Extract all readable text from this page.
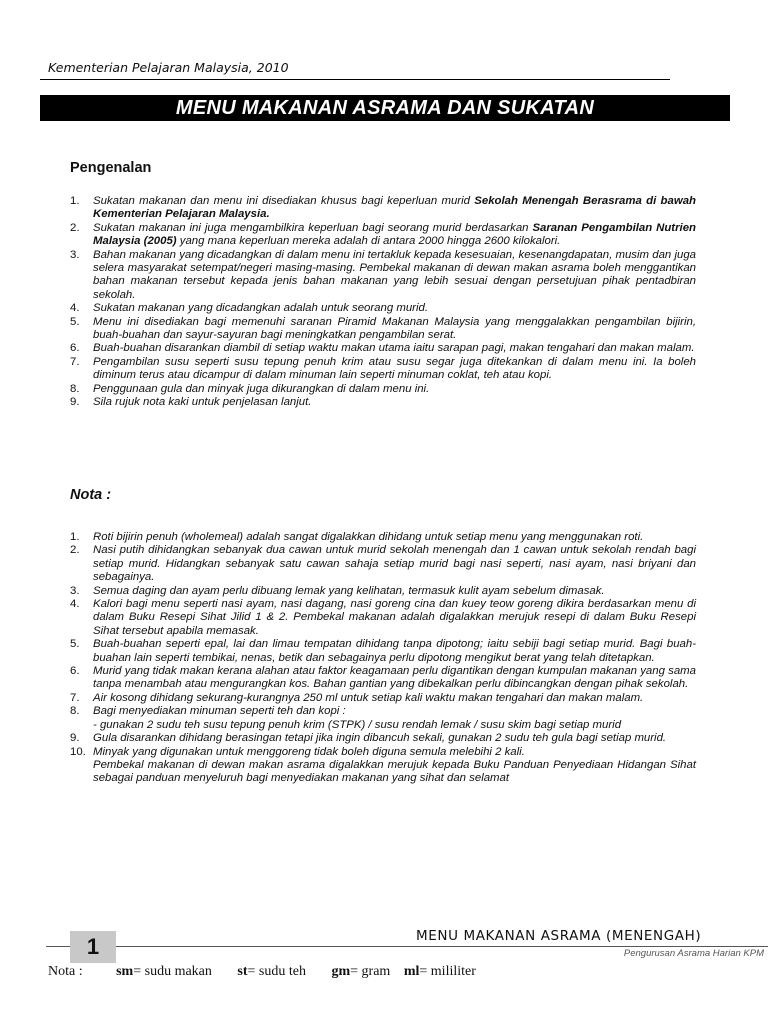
Kementerian Pelajaran Malaysia, 2010
MENU MAKANAN ASRAMA DAN SUKATAN
Pengenalan
1. Sukatan makanan dan menu ini disediakan khusus bagi keperluan murid Sekolah Menengah Berasrama di bawah Kementerian Pelajaran Malaysia.
2. Sukatan makanan ini juga mengambilkira keperluan bagi seorang murid berdasarkan Saranan Pengambilan Nutrien Malaysia (2005) yang mana keperluan mereka adalah di antara 2000 hingga 2600 kilokalori.
3. Bahan makanan yang dicadangkan di dalam menu ini tertakluk kepada kesesuaian, kesenangdapatan, musim dan juga selera masyarakat setempat/negeri masing-masing. Pembekal makanan di dewan makan asrama boleh menggantikan bahan makanan tersebut kepada jenis bahan makanan yang lebih sesuai dengan persetujuan pihak pentadbiran sekolah.
4. Sukatan makanan yang dicadangkan adalah untuk seorang murid.
5. Menu ini disediakan bagi memenuhi saranan Piramid Makanan Malaysia yang menggalakkan pengambilan bijirin, buah-buahan dan sayur-sayuran bagi meningkatkan pengambilan serat.
6. Buah-buahan disarankan diambil di setiap waktu makan utama iaitu sarapan pagi, makan tengahari dan makan malam.
7. Pengambilan susu seperti susu tepung penuh krim atau susu segar juga ditekankan di dalam menu ini. Ia boleh diminum terus atau dicampur di dalam minuman lain seperti minuman coklat, teh atau kopi.
8. Penggunaan gula dan minyak juga dikurangkan di dalam menu ini.
9. Sila rujuk nota kaki untuk penjelasan lanjut.
Nota :
1. Roti bijirin penuh (wholemeal) adalah sangat digalakkan dihidang untuk setiap menu yang menggunakan roti.
2. Nasi putih dihidangkan sebanyak dua cawan untuk murid sekolah menengah dan 1 cawan untuk sekolah rendah bagi setiap murid. Hidangkan sebanyak satu cawan sahaja setiap murid bagi nasi seperti, nasi ayam, nasi briyani dan sebagainya.
3. Semua daging dan ayam perlu dibuang lemak yang kelihatan, termasuk kulit ayam sebelum dimasak.
4. Kalori bagi menu seperti nasi ayam, nasi dagang, nasi goreng cina dan kuey teow goreng dikira berdasarkan menu di dalam Buku Resepi Sihat Jilid 1 & 2. Pembekal makanan adalah digalakkan merujuk resepi di dalam Buku Resepi Sihat tersebut apabila memasak.
5. Buah-buahan seperti epal, lai dan limau tempatan dihidang tanpa dipotong; iaitu sebiji bagi setiap murid. Bagi buah-buahan lain seperti tembikai, nenas, betik dan sebagainya perlu dipotong mengikut berat yang telah ditetapkan.
6. Murid yang tidak makan kerana alahan atau faktor keagamaan perlu digantikan dengan kumpulan makanan yang sama tanpa menambah atau mengurangkan kos. Bahan gantian yang dibekalkan perlu dibincangkan dengan pihak sekolah.
7. Air kosong dihidang sekurang-kurangnya 250 ml untuk setiap kali waktu makan tengahari dan makan malam.
8. Bagi menyediakan minuman seperti teh dan kopi :
- gunakan 2 sudu teh susu tepung penuh krim (STPK) / susu rendah lemak / susu skim bagi setiap murid
9. Gula disarankan dihidang berasingan tetapi jika ingin dibancuh sekali, gunakan 2 sudu teh gula bagi setiap murid.
10. Minyak yang digunakan untuk menggoreng tidak boleh diguna semula melebihi 2 kali.
Pembekal makanan di dewan makan asrama digalakkan merujuk kepada Buku Panduan Penyediaan Hidangan Sihat sebagai panduan menyeluruh bagi menyediakan makanan yang sihat dan selamat
1	MENU MAKANAN ASRAMA (MENENGAH)
Pengurusan Asrama Harian KPM
Nota : sm= sudu makan st= sudu teh gm= gram ml= mililiter
